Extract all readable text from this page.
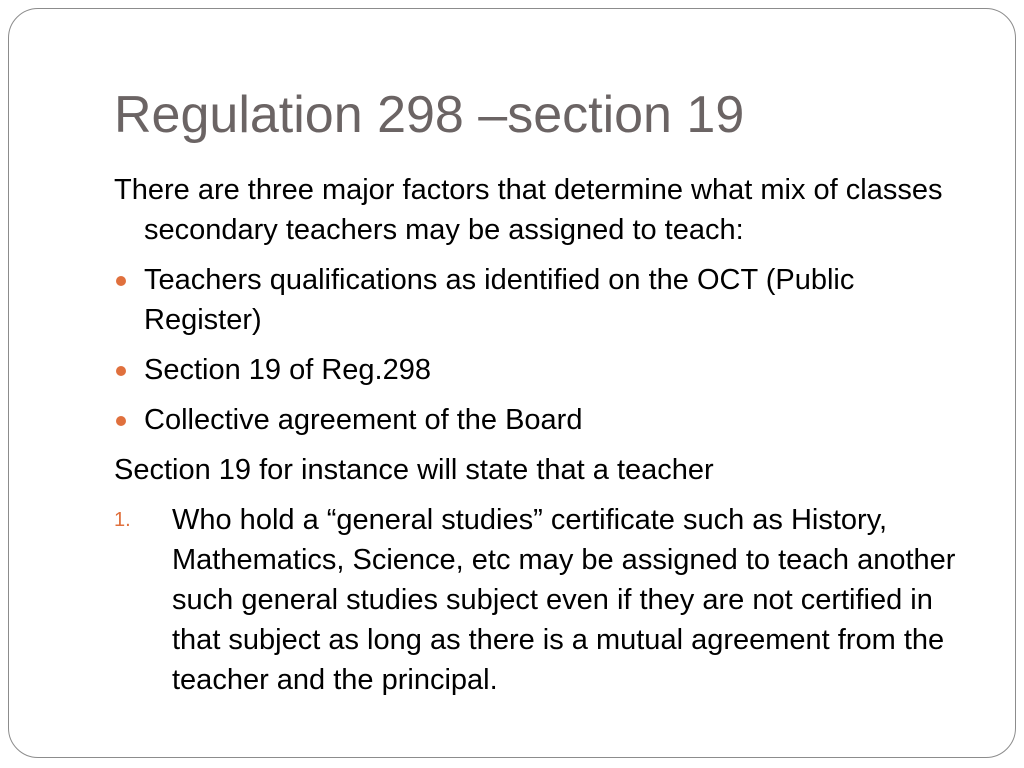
Regulation 298 –section 19

There are three major factors that determine what mix of classes secondary teachers may be assigned to teach:

Teachers qualifications as identified on the OCT (Public Register)
Section 19 of Reg.298
Collective agreement of the Board

Section 19 for instance will state that a teacher

1. Who hold a “general studies” certificate such as History, Mathematics, Science, etc may be assigned to teach another such general studies subject even if they are not certified in that subject as long as there is a mutual agreement from the teacher and the principal.
